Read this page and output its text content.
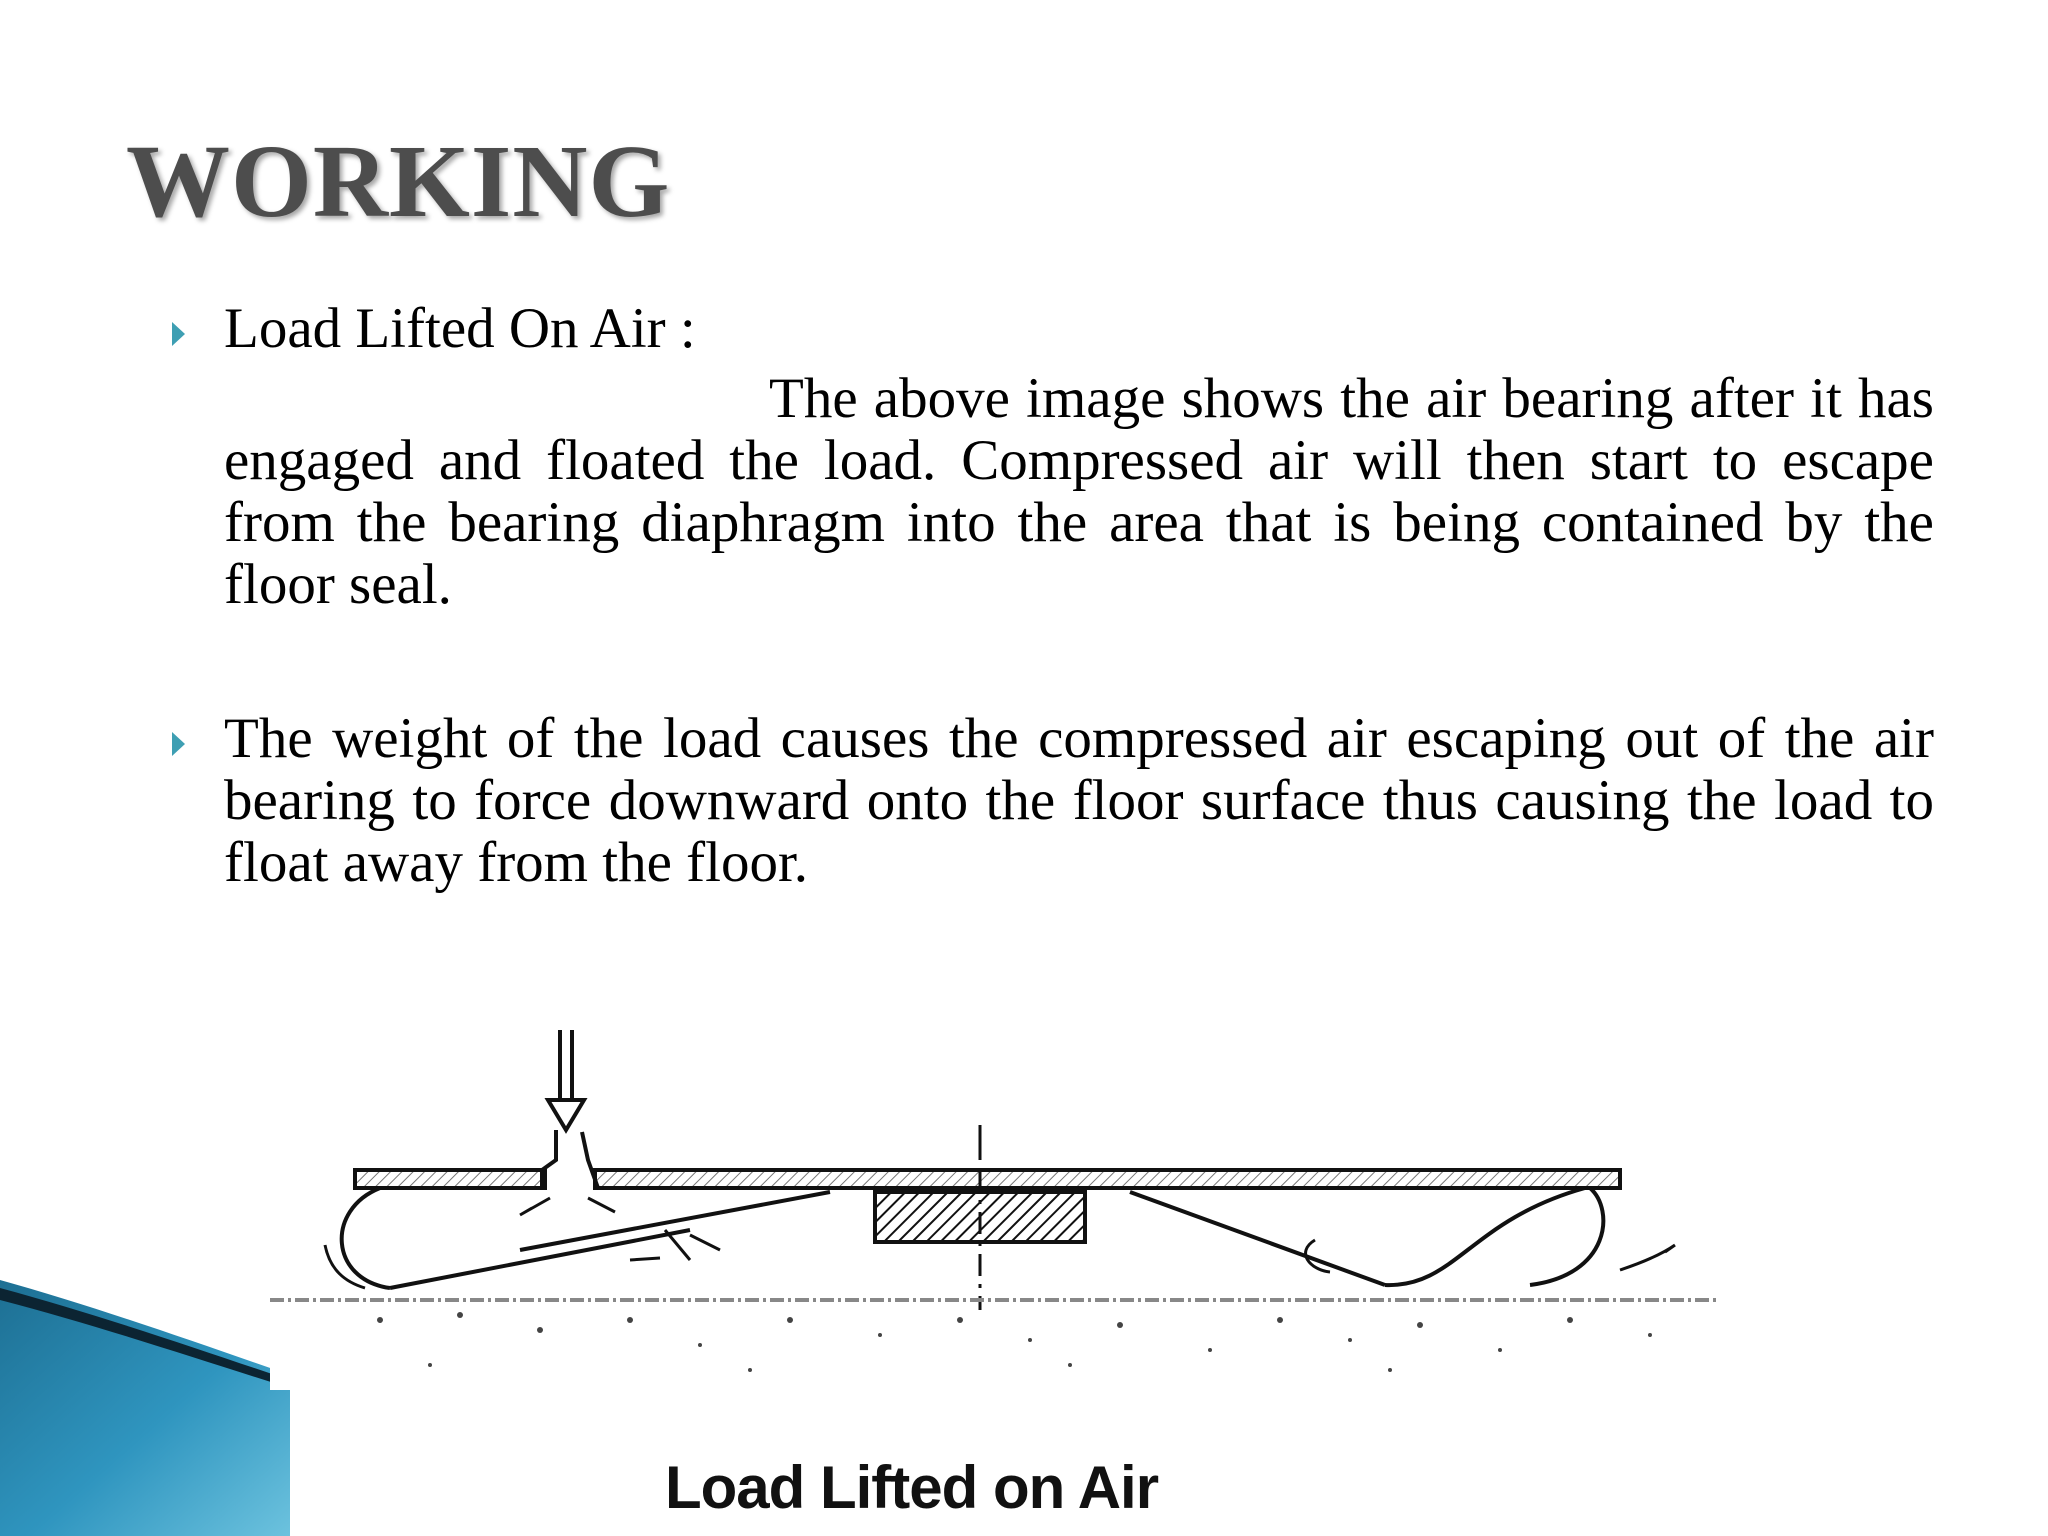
WORKING

Load Lifted On Air :

The above image shows the air bearing after it has engaged and floated the load. Compressed air will then start to escape from the bearing diaphragm into the area that is being contained by the floor seal.

The weight of the load causes the compressed air escaping out of the air bearing to force downward onto the floor surface thus causing the load to float away from the floor.

Load Lifted on Air
